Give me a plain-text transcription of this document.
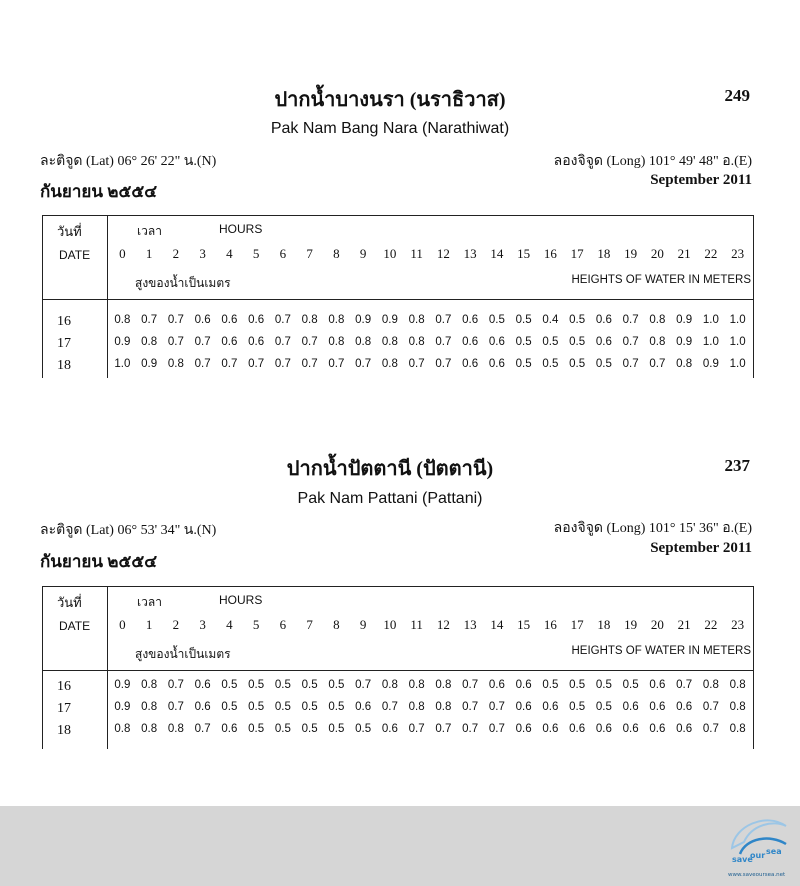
ปากน้ำบางนรา (นราธิวาส)	249
Pak Nam Bang Nara (Narathiwat)
ละติจูด (Lat) 06° 26' 22" น.(N)	ลองจิจูด (Long) 101° 49' 48" อ.(E)
กันยายน ๒๕๕๔
September 2011
วันที่
DATE
เวลา	HOURS
0	1	2	3	4	5	6	7	8	9	10	11	12	13	14	15	16	17	18	19	20	21	22	23
สูงของน้ำเป็นเมตร	HEIGHTS OF WATER IN METERS
16	0.8 0.7 0.7 0.6 0.6 0.6 0.7 0.8 0.8 0.9 0.9 0.8 0.7 0.6 0.5 0.5 0.4 0.5 0.6 0.7 0.8 0.9 1.0 1.0
17	0.9 0.8 0.7 0.7 0.6 0.6 0.7 0.7 0.8 0.8 0.8 0.8 0.7 0.6 0.6 0.5 0.5 0.5 0.6 0.7 0.8 0.9 1.0 1.0
18	1.0 0.9 0.8 0.7 0.7 0.7 0.7 0.7 0.7 0.7 0.8 0.7 0.7 0.6 0.6 0.5 0.5 0.5 0.5 0.7 0.7 0.8 0.9 1.0
ปากน้ำปัตตานี (ปัตตานี)	237
Pak Nam Pattani (Pattani)
ละติจูด (Lat) 06° 53' 34" น.(N)	ลองจิจูด (Long) 101° 15' 36" อ.(E)
กันยายน ๒๕๕๔
September 2011
วันที่
DATE
เวลา	HOURS
0	1	2	3	4	5	6	7	8	9	10	11	12	13	14	15	16	17	18	19	20	21	22	23
สูงของน้ำเป็นเมตร	HEIGHTS OF WATER IN METERS
16	0.9 0.8 0.7 0.6 0.5 0.5 0.5 0.5 0.5 0.7 0.8 0.8 0.8 0.7 0.6 0.6 0.5 0.5 0.5 0.5 0.6 0.7 0.8 0.8
17	0.9 0.8 0.7 0.6 0.5 0.5 0.5 0.5 0.5 0.6 0.7 0.8 0.8 0.7 0.7 0.6 0.6 0.5 0.5 0.6 0.6 0.6 0.7 0.8
18	0.8 0.8 0.8 0.7 0.6 0.5 0.5 0.5 0.5 0.5 0.6 0.7 0.7 0.7 0.7 0.6 0.6 0.6 0.6 0.6 0.6 0.6 0.7 0.8
save
our sea
www.saveoursea.net
